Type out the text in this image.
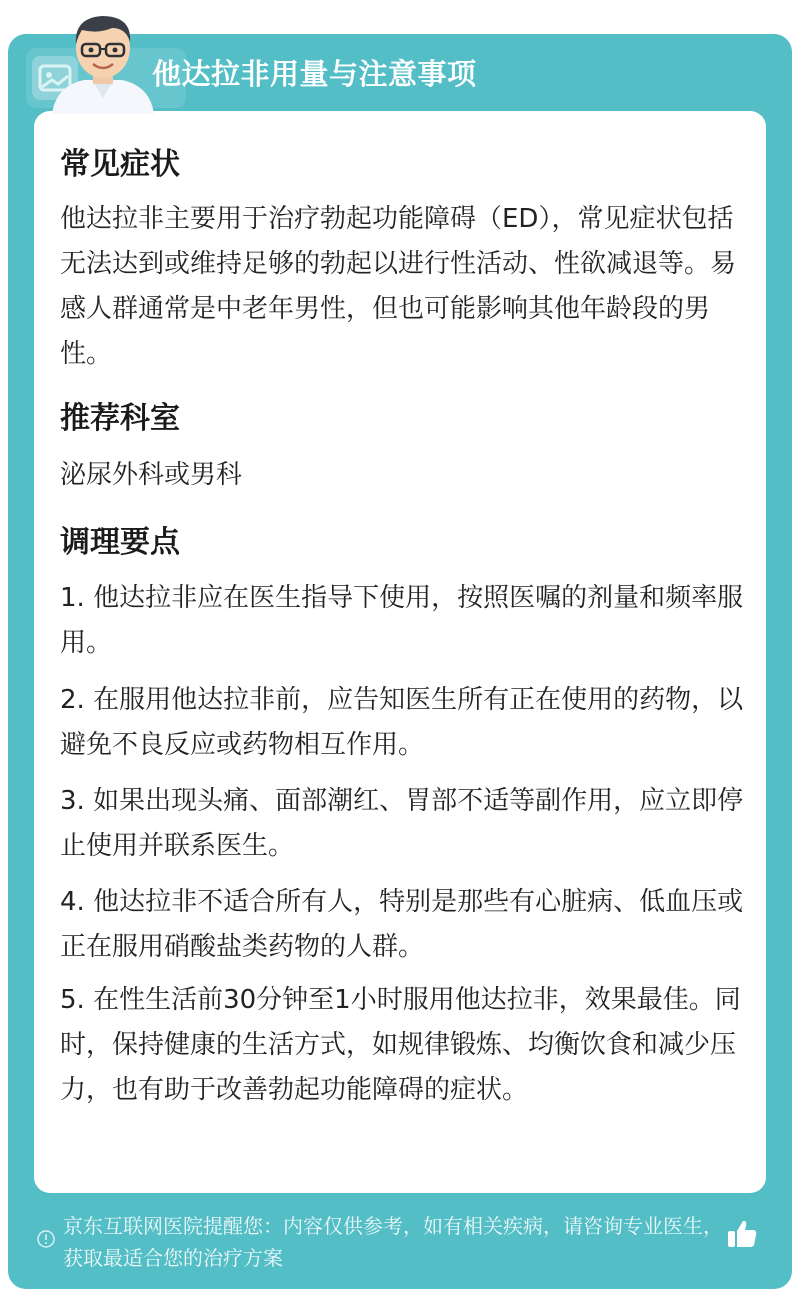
他达拉非用量与注意事项
常见症状
他达拉非主要用于治疗勃起功能障碍（ED），常见症状包括无法达到或维持足够的勃起以进行性活动、性欲减退等。易感人群通常是中老年男性，但也可能影响其他年龄段的男性。
推荐科室
泌尿外科或男科
调理要点
1. 他达拉非应在医生指导下使用，按照医嘱的剂量和频率服用。
2. 在服用他达拉非前，应告知医生所有正在使用的药物，以避免不良反应或药物相互作用。
3. 如果出现头痛、面部潮红、胃部不适等副作用，应立即停止使用并联系医生。
4. 他达拉非不适合所有人，特别是那些有心脏病、低血压或正在服用硝酸盐类药物的人群。
5. 在性生活前30分钟至1小时服用他达拉非，效果最佳。同时，保持健康的生活方式，如规律锻炼、均衡饮食和减少压力，也有助于改善勃起功能障碍的症状。
京东互联网医院提醒您：内容仅供参考，如有相关疾病，请咨询专业医生，获取最适合您的治疗方案
